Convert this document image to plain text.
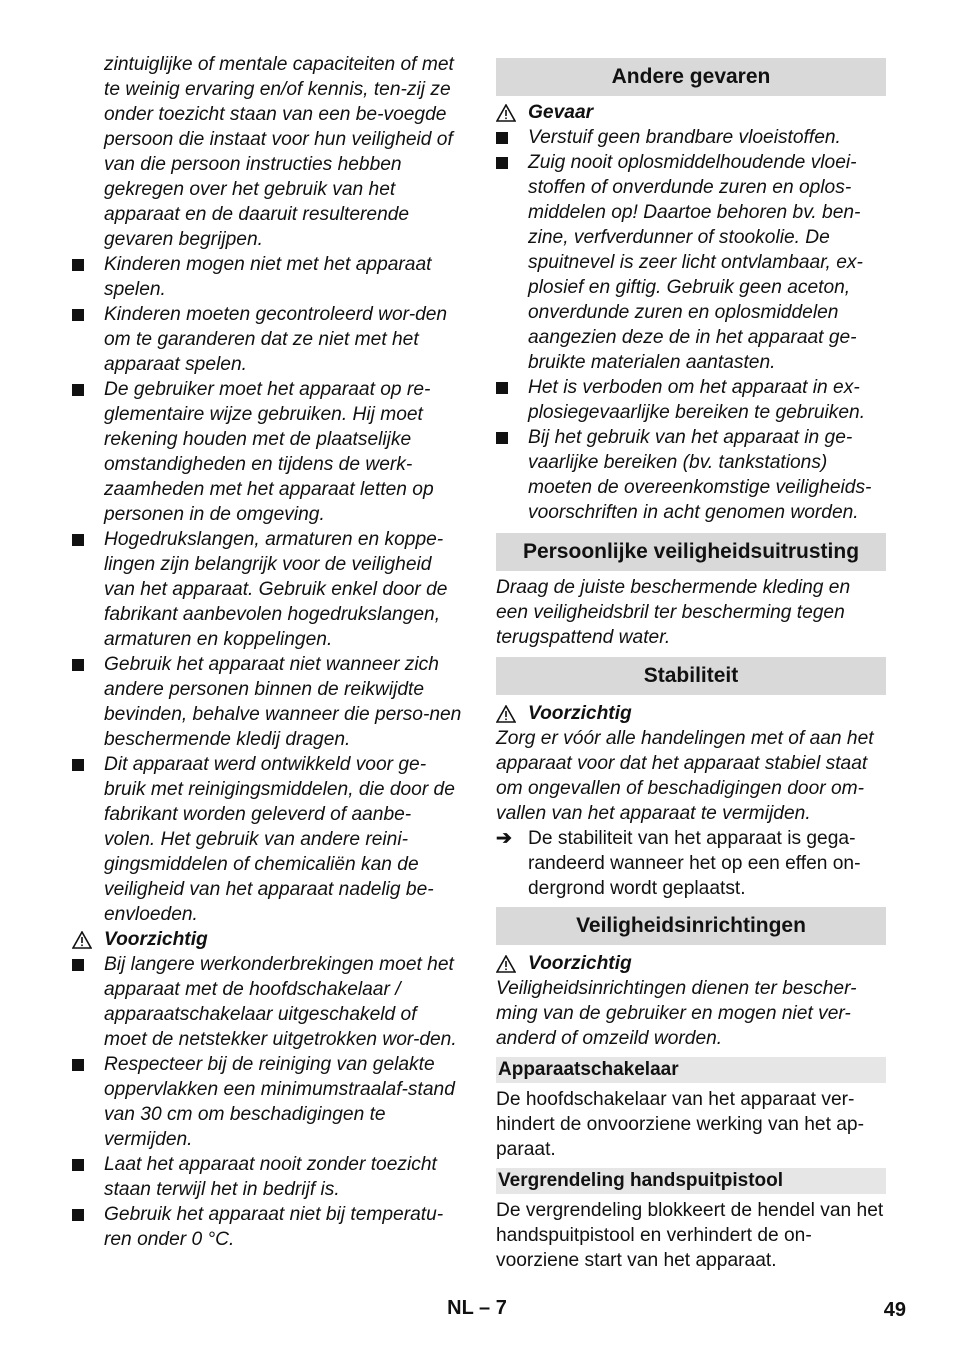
zintuiglijke of mentale capaciteiten of met te weinig ervaring en/of kennis, ten-zij ze onder toezicht staan van een be-voegde persoon die instaat voor hun veiligheid of van die persoon instructies hebben gekregen over het gebruik van het apparaat en de daaruit resulterende gevaren begrijpen.

Kinderen mogen niet met het apparaat spelen.
Kinderen moeten gecontroleerd wor-den om te garanderen dat ze niet met het apparaat spelen.
De gebruiker moet het apparaat op re-glementaire wijze gebruiken. Hij moet rekening houden met de plaatselijke omstandigheden en tijdens de werk-zaamheden met het apparaat letten op personen in de omgeving.
Hogedrukslangen, armaturen en koppe-lingen zijn belangrijk voor de veiligheid van het apparaat. Gebruik enkel door de fabrikant aanbevolen hogedrukslangen, armaturen en koppelingen.
Gebruik het apparaat niet wanneer zich andere personen binnen de reikwijdte bevinden, behalve wanneer die perso-nen beschermende kledij dragen.
Dit apparaat werd ontwikkeld voor ge-bruik met reinigingsmiddelen, die door de fabrikant worden geleverd of aanbe-volen. Het gebruik van andere reini-gingsmiddelen of chemicaliën kan de veiligheid van het apparaat nadelig be-envloeden.
Voorzichtig
Bij langere werkonderbrekingen moet het apparaat met de hoofdschakelaar / apparaatschakelaar uitgeschakeld of moet de netstekker uitgetrokken wor-den.
Respecteer bij de reiniging van gelakte oppervlakken een minimumstraalaf-stand van 30 cm om beschadigingen te vermijden.
Laat het apparaat nooit zonder toezicht staan terwijl het in bedrijf is.
Gebruik het apparaat niet bij temperatu-ren onder 0 °C.
Andere gevaren
Gevaar
Verstuif geen brandbare vloeistoffen.
Zuig nooit oplosmiddelhoudende vloei-stoffen of onverdunde zuren en oplos-middelen op! Daartoe behoren bv. ben-zine, verfverdunner of stookolie. De spuitnevel is zeer licht ontvlambaar, ex-plosief en giftig. Gebruik geen aceton, onverdunde zuren en oplosmiddelen aangezien deze de in het apparaat ge-bruikte materialen aantasten.
Het is verboden om het apparaat in ex-plosiegevaarlijke bereiken te gebruiken.
Bij het gebruik van het apparaat in ge-vaarlijke bereiken (bv. tankstations) moeten de overeenkomstige veiligheids-voorschriften in acht genomen worden.
Persoonlijke veiligheidsuitrusting

Draag de juiste beschermende kleding en een veiligheidsbril ter bescherming tegen terugspattend water.

Stabiliteit
Voorzichtig

Zorg er vóór alle handelingen met of aan het apparaat voor dat het apparaat stabiel staat om ongevallen of beschadigingen door om-vallen van het apparaat te vermijden.

➔ De stabiliteit van het apparaat is gega-randeerd wanneer het op een effen on-dergrond wordt geplaatst.
Veiligheidsinrichtingen
Voorzichtig

Veiligheidsinrichtingen dienen ter bescher-ming van de gebruiker en mogen niet ver-anderd of omzeild worden.

Apparaatschakelaar

De hoofdschakelaar van het apparaat ver-hindert de onvoorziene werking van het ap-paraat.

Vergrendeling handspuitpistool

De vergrendeling blokkeert de hendel van het handspuitpistool en verhindert de on-voorziene start van het apparaat.

NL – 7	49
